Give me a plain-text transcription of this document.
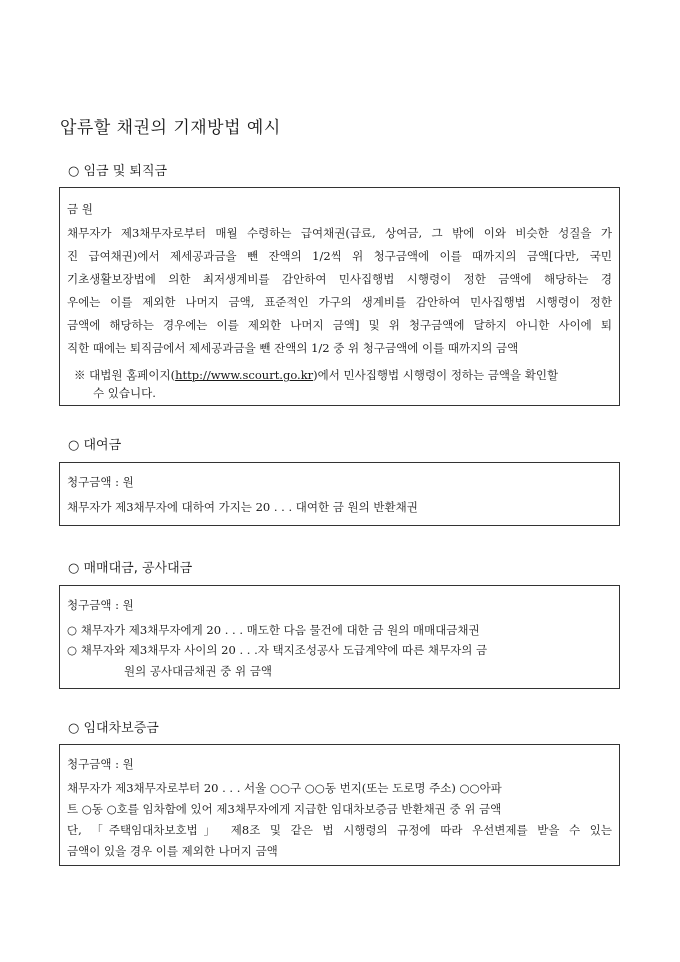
압류할 채권의 기재방법 예시
○ 임금 및 퇴직금
금 원
채무자가 제3채무자로부터 매월 수령하는 급여채권(급료, 상여금, 그 밖에 이와 비슷한 성질을 가
진 급여채권)에서 제세공과금을 뺀 잔액의 1/2씩 위 청구금액에 이를 때까지의 금액[다만, 국민
기초생활보장법에 의한 최저생계비를 감안하여 민사집행법 시행령이 정한 금액에 해당하는 경
우에는 이를 제외한 나머지 금액, 표준적인 가구의 생계비를 감안하여 민사집행법 시행령이 정한
금액에 해당하는 경우에는 이를 제외한 나머지 금액] 및 위 청구금액에 달하지 아니한 사이에 퇴
직한 때에는 퇴직금에서 제세공과금을 뺀 잔액의 1/2 중 위 청구금액에 이를 때까지의 금액
※ 대법원 홈페이지(http://www.scourt.go.kr)에서 민사집행법 시행령이 정하는 금액을 확인할
수 있습니다.
○ 대여금
청구금액 : 원
채무자가 제3채무자에 대하여 가지는 20 . . . 대여한 금 원의 반환채권
○ 매매대금, 공사대금
청구금액 : 원
○ 채무자가 제3채무자에게 20 . . . 매도한 다음 물건에 대한 금 원의 매매대금채권
○ 채무자와 제3채무자 사이의 20 . . .자 택지조성공사 도급계약에 따른 채무자의 금
원의 공사대금채권 중 위 금액
○ 임대차보증금
청구금액 : 원
채무자가 제3채무자로부터 20 . . . 서울 ○○구 ○○동 번지(또는 도로명 주소) ○○아파
트 ○동 ○호를 임차함에 있어 제3채무자에게 지급한 임대차보증금 반환채권 중 위 금액
단, 「주택임대차보호법」 제8조 및 같은 법 시행령의 규정에 따라 우선변제를 받을 수 있는
금액이 있을 경우 이를 제외한 나머지 금액
